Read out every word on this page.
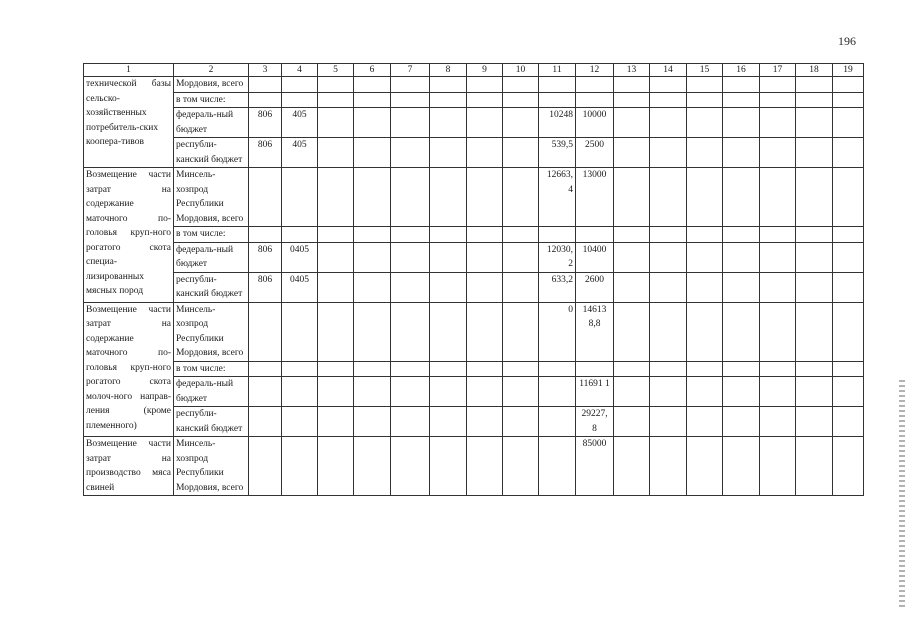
196
1	2	3	4	5	6	7	8	9	10	11	12	13	14	15	16	17	18	19
технической базы сельско-хозяйственных потребитель-ских коопера-тивов	Мордовия, всего																	
	в том числе:																	
	федераль-ный бюджет	806	405							10248	10000							
	республи-канский бюджет	806	405							539,5	2500							
Возмещение части затрат на содержание маточного по-головья круп-ного рогатого скота специа-лизированных мясных пород	Минсель-хозпрод Республики Мордовия, всего									12663, 4	13000							
	в том числе:																	
	федераль-ный бюджет	806	0405							12030, 2	10400							
	республи-канский бюджет	806	0405							633,2	2600							
Возмещение части затрат на содержание маточного по-головья круп-ного рогатого скота молоч-ного направ-ления (кроме племенного)	Минсель-хозпрод Республики Мордовия, всего									0	14613 8,8							
	в том числе:																	
	федераль-ный бюджет										11691 1							
	республи-канский бюджет										29227, 8							
Возмещение части затрат на производство мяса свиней	Минсель-хозпрод Республики Мордовия, всего										85000							
